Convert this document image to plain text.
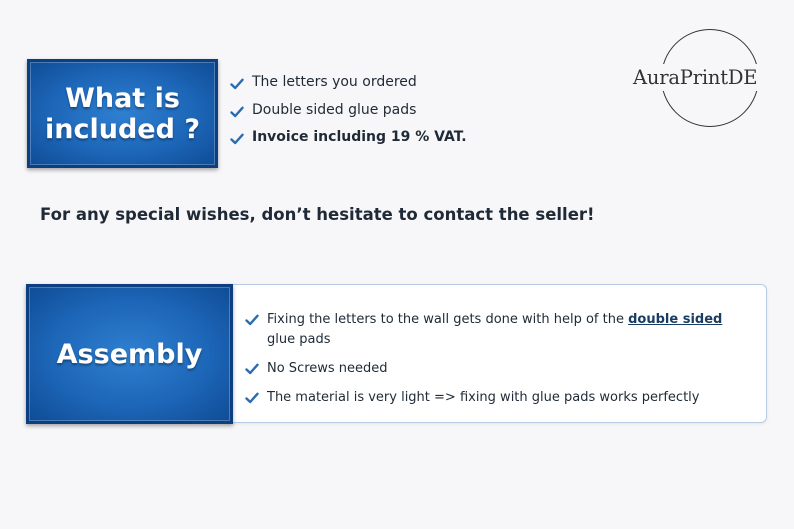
What is
included ?
The letters you ordered
Double sided glue pads
Invoice including 19 % VAT.
AuraPrintDE
For any special wishes, don’t hesitate to contact the seller!
Assembly
Fixing the letters to the wall gets done with help of the double sided
glue pads
No Screws needed
The material is very light => fixing with glue pads works perfectly
